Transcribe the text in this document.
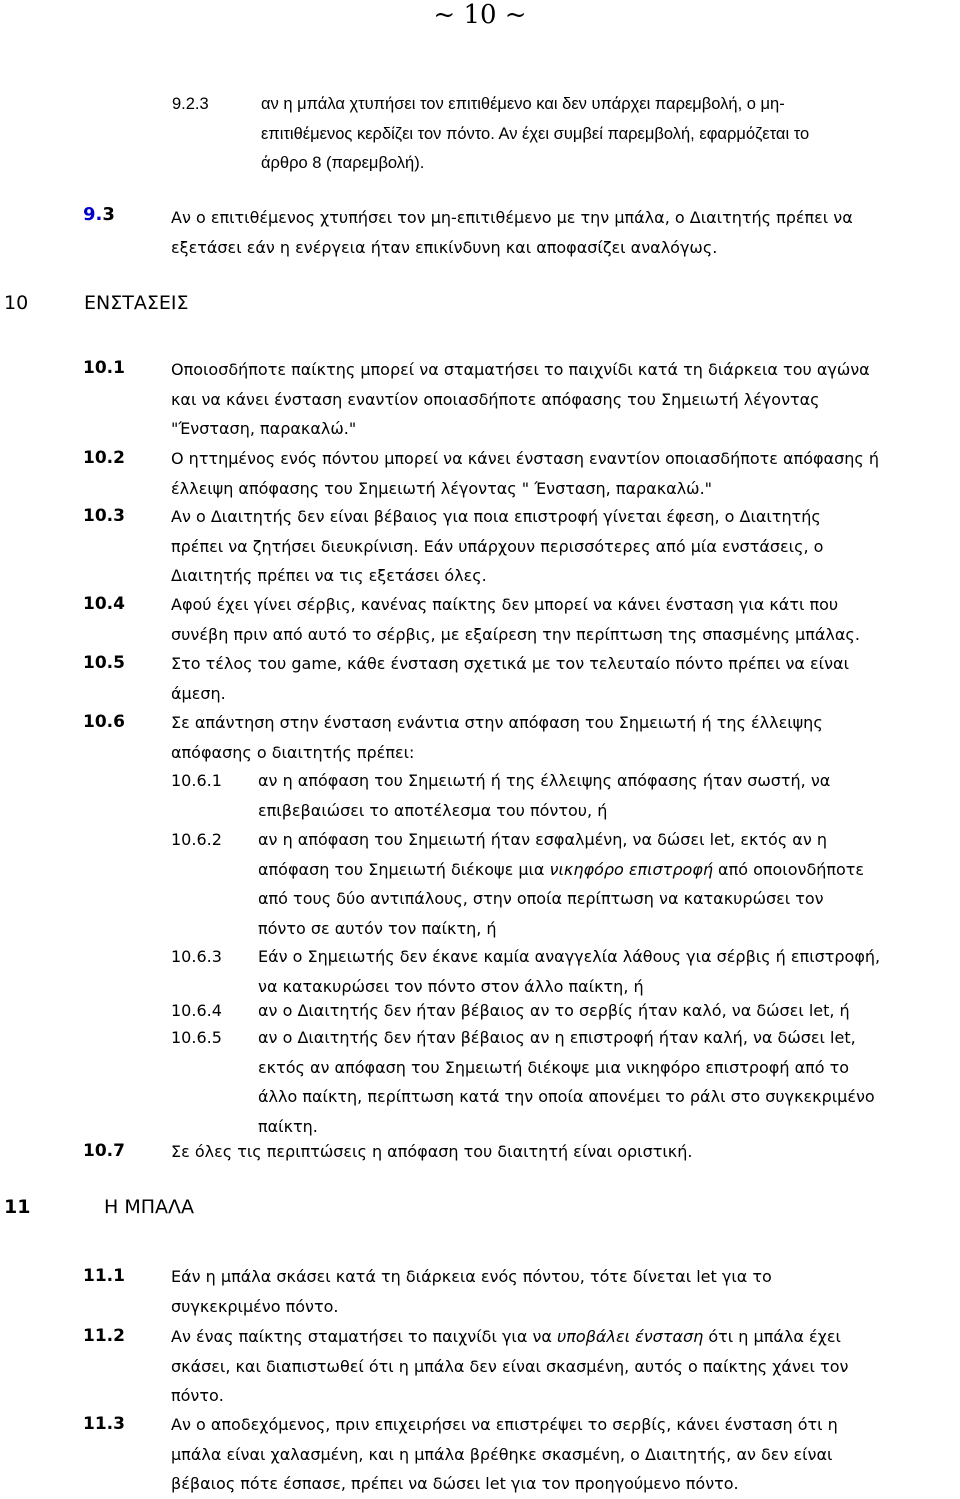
~ 10 ~
9.2.3	αν η μπάλα χτυπήσει τον επιτιθέμενο και δεν υπάρχει παρεμβολή, ο μη-
επιτιθέμενος κερδίζει τον πόντο. Αν έχει συμβεί παρεμβολή, εφαρμόζεται το
άρθρο 8 (παρεμβολή).
9.3	Αν ο επιτιθέμενος χτυπήσει τον μη-επιτιθέμενο με την μπάλα, ο Διαιτητής πρέπει να
εξετάσει εάν η ενέργεια ήταν επικίνδυνη και αποφασίζει αναλόγως.
10	ΕΝΣΤΑΣΕΙΣ
10.1	Οποιοσδήποτε παίκτης μπορεί να σταματήσει το παιχνίδι κατά τη διάρκεια του αγώνα
και να κάνει ένσταση εναντίον οποιασδήποτε απόφασης του Σημειωτή λέγοντας
"Ένσταση, παρακαλώ."
10.2	Ο ηττημένος ενός πόντου μπορεί να κάνει ένσταση εναντίον οποιασδήποτε απόφασης ή
έλλειψη απόφασης του Σημειωτή λέγοντας " Ένσταση, παρακαλώ."
10.3	Αν ο Διαιτητής δεν είναι βέβαιος για ποια επιστροφή γίνεται έφεση, ο Διαιτητής
πρέπει να ζητήσει διευκρίνιση. Εάν υπάρχουν περισσότερες από μία ενστάσεις, ο
Διαιτητής πρέπει να τις εξετάσει όλες.
10.4	Αφού έχει γίνει σέρβις, κανένας παίκτης δεν μπορεί να κάνει ένσταση για κάτι που
συνέβη πριν από αυτό το σέρβις, με εξαίρεση την περίπτωση της σπασμένης μπάλας.
10.5	Στο τέλος του game, κάθε ένσταση σχετικά με τον τελευταίο πόντο πρέπει να είναι
άμεση.
10.6	Σε απάντηση στην ένσταση ενάντια στην απόφαση του Σημειωτή ή της έλλειψης
απόφασης ο διαιτητής πρέπει:
10.6.1 αν η απόφαση του Σημειωτή ή της έλλειψης απόφασης ήταν σωστή, να
επιβεβαιώσει το αποτέλεσμα του πόντου, ή
10.6.2 αν η απόφαση του Σημειωτή ήταν εσφαλμένη, να δώσει let, εκτός αν η
απόφαση του Σημειωτή διέκοψε μια νικηφόρο επιστροφή από οποιονδήποτε
από τους δύο αντιπάλους, στην οποία περίπτωση να κατακυρώσει τον
πόντο σε αυτόν τον παίκτη, ή
10.6.3 Εάν ο Σημειωτής δεν έκανε καμία αναγγελία λάθους για σέρβις ή επιστροφή,
να κατακυρώσει τον πόντο στον άλλο παίκτη, ή
10.6.4 αν ο Διαιτητής δεν ήταν βέβαιος αν το σερβίς ήταν καλό, να δώσει let, ή
10.6.5 αν ο Διαιτητής δεν ήταν βέβαιος αν η επιστροφή ήταν καλή, να δώσει let,
εκτός αν απόφαση του Σημειωτή διέκοψε μια νικηφόρο επιστροφή από το
άλλο παίκτη, περίπτωση κατά την οποία απονέμει το ράλι στο συγκεκριμένο
παίκτη.
10.7	Σε όλες τις περιπτώσεις η απόφαση του διαιτητή είναι οριστική.
11	Η ΜΠΑΛΑ
11.1	Εάν η μπάλα σκάσει κατά τη διάρκεια ενός πόντου, τότε δίνεται let για το
συγκεκριμένο πόντο.
11.2	Αν ένας παίκτης σταματήσει το παιχνίδι για να υποβάλει ένσταση ότι η μπάλα έχει
σκάσει, και διαπιστωθεί ότι η μπάλα δεν είναι σκασμένη, αυτός ο παίκτης χάνει τον
πόντο.
11.3	Αν ο αποδεχόμενος, πριν επιχειρήσει να επιστρέψει το σερβίς, κάνει ένσταση ότι η
μπάλα είναι χαλασμένη, και η μπάλα βρέθηκε σκασμένη, ο Διαιτητής, αν δεν είναι
βέβαιος πότε έσπασε, πρέπει να δώσει let για τον προηγούμενο πόντο.
